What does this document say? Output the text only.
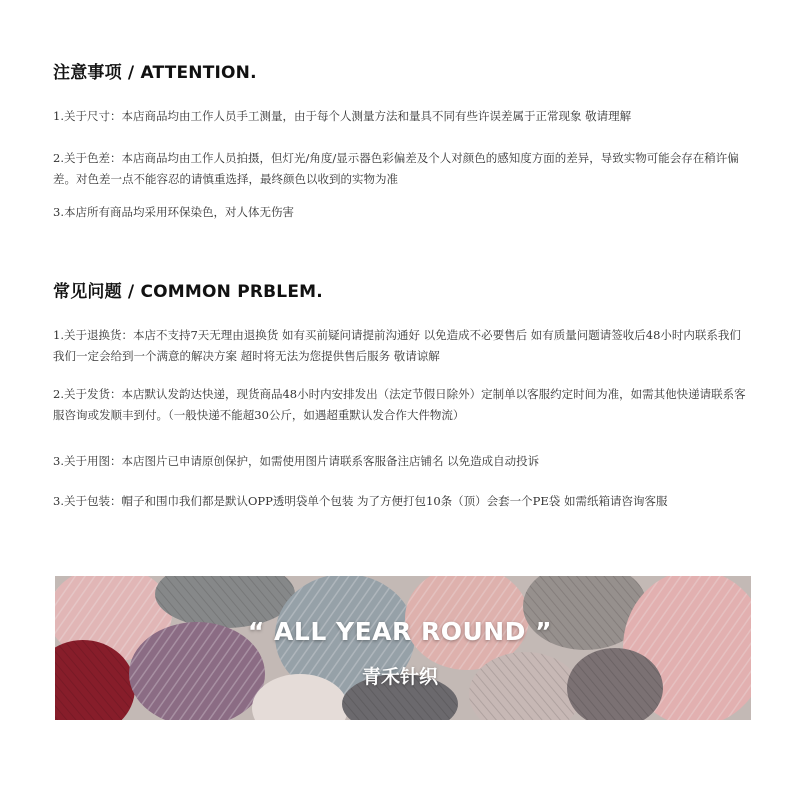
注意事项 / ATTENTION.
1.关于尺寸：本店商品均由工作人员手工测量，由于每个人测量方法和量具不同有些许误差属于正常现象 敬请理解
2.关于色差：本店商品均由工作人员拍摄，但灯光/角度/显示器色彩偏差及个人对颜色的感知度方面的差异，导致实物可能会存在稍许偏差。对色差一点不能容忍的请慎重选择，最终颜色以收到的实物为准
3.本店所有商品均采用环保染色，对人体无伤害
常见问题 / COMMON PRBLEM.
1.关于退换货：本店不支持7天无理由退换货 如有买前疑问请提前沟通好 以免造成不必要售后 如有质量问题请签收后48小时内联系我们 我们一定会给到一个满意的解决方案 超时将无法为您提供售后服务 敬请谅解
2.关于发货：本店默认发韵达快递，现货商品48小时内安排发出（法定节假日除外）定制单以客服约定时间为准，如需其他快递请联系客服咨询或发顺丰到付。（一般快递不能超30公斤，如遇超重默认发合作大件物流）
3.关于用图：本店图片已申请原创保护，如需使用图片请联系客服备注店铺名 以免造成自动投诉
3.关于包装：帽子和围巾我们都是默认OPP透明袋单个包装 为了方便打包10条（顶）会套一个PE袋 如需纸箱请咨询客服
“ ALL YEAR ROUND ”
青禾针织
